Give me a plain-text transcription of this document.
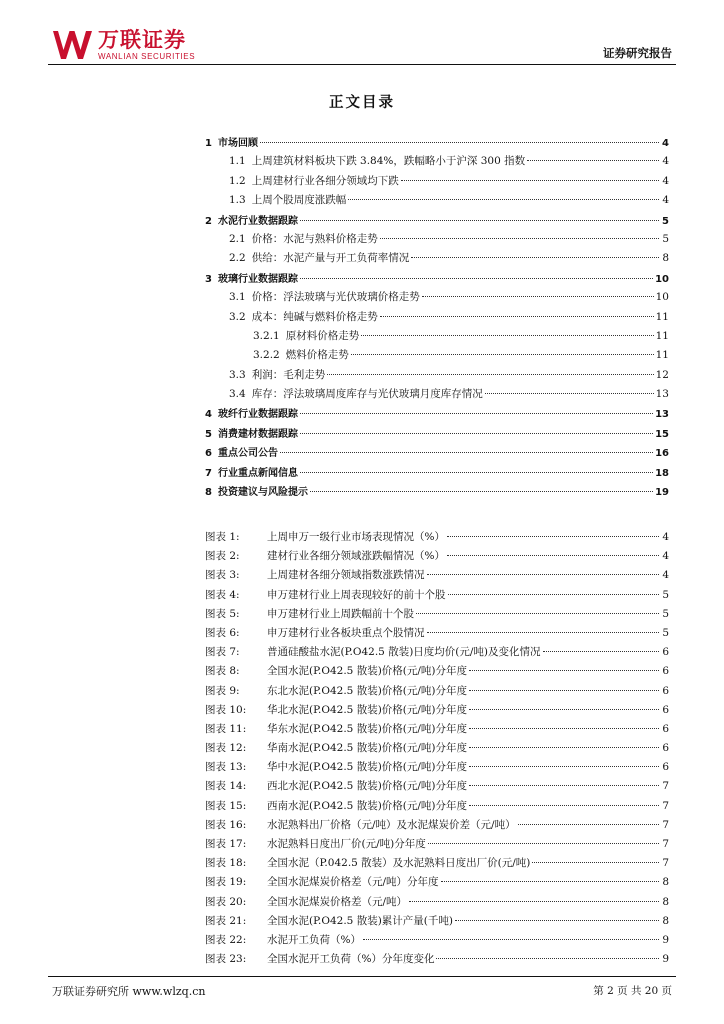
万联证券
WANLIAN SECURITIES	证券研究报告
正文目录
1 市场回顾	4
1.1 上周建筑材料板块下跌 3.84%，跌幅略小于沪深 300 指数	4
1.2 上周建材行业各细分领域均下跌	4
1.3 上周个股周度涨跌幅	4
2 水泥行业数据跟踪	5
2.1 价格：水泥与熟料价格走势	5
2.2 供给：水泥产量与开工负荷率情况	8
3 玻璃行业数据跟踪	10
3.1 价格：浮法玻璃与光伏玻璃价格走势	10
3.2 成本：纯碱与燃料价格走势	11
3.2.1 原材料价格走势	11
3.2.2 燃料价格走势	11
3.3 利润：毛利走势	12
3.4 库存：浮法玻璃周度库存与光伏玻璃月度库存情况	13
4 玻纤行业数据跟踪	13
5 消费建材数据跟踪	15
6 重点公司公告	16
7 行业重点新闻信息	18
8 投资建议与风险提示	19
图表 1:	上周申万一级行业市场表现情况（%）	4
图表 2:	建材行业各细分领域涨跌幅情况（%）	4
图表 3:	上周建材各细分领域指数涨跌情况	4
图表 4:	申万建材行业上周表现较好的前十个股	5
图表 5:	申万建材行业上周跌幅前十个股	5
图表 6:	申万建材行业各板块重点个股情况	5
图表 7:	普通硅酸盐水泥(P.O42.5 散装)日度均价(元/吨)及变化情况	6
图表 8:	全国水泥(P.O42.5 散装)价格(元/吨)分年度	6
图表 9:	东北水泥(P.O42.5 散装)价格(元/吨)分年度	6
图表 10:	华北水泥(P.O42.5 散装)价格(元/吨)分年度	6
图表 11:	华东水泥(P.O42.5 散装)价格(元/吨)分年度	6
图表 12:	华南水泥(P.O42.5 散装)价格(元/吨)分年度	6
图表 13:	华中水泥(P.O42.5 散装)价格(元/吨)分年度	6
图表 14:	西北水泥(P.O42.5 散装)价格(元/吨)分年度	7
图表 15:	西南水泥(P.O42.5 散装)价格(元/吨)分年度	7
图表 16:	水泥熟料出厂价格（元/吨）及水泥煤炭价差（元/吨）	7
图表 17:	水泥熟料日度出厂价(元/吨)分年度	7
图表 18:	全国水泥（P.042.5 散装）及水泥熟料日度出厂价(元/吨)	7
图表 19:	全国水泥煤炭价格差（元/吨）分年度	8
图表 20:	全国水泥煤炭价格差（元/吨）	8
图表 21:	全国水泥(P.O42.5 散装)累计产量(千吨)	8
图表 22:	水泥开工负荷（%）	9
图表 23:	全国水泥开工负荷（%）分年度变化	9
万联证券研究所 www.wlzq.cn	第 2 页 共 20 页
